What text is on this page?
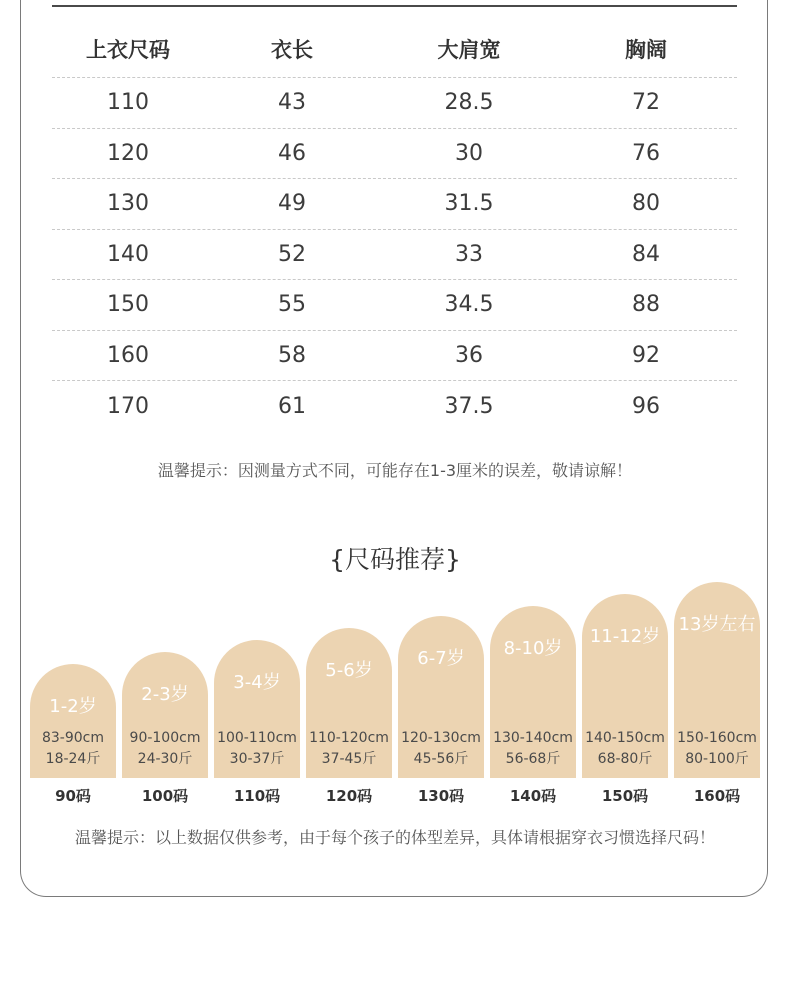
上衣尺码	衣长	大肩宽	胸阔
110	43	28.5	72
120	46	30	76
130	49	31.5	80
140	52	33	84
150	55	34.5	88
160	58	36	92
170	61	37.5	96
温馨提示：因测量方式不同，可能存在1-3厘米的误差，敬请谅解！
{尺码推荐}
1-2岁
83-90cm
18-24斤
90码
2-3岁
90-100cm
24-30斤
100码
3-4岁
100-110cm
30-37斤
110码
5-6岁
110-120cm
37-45斤
120码
6-7岁
120-130cm
45-56斤
130码
8-10岁
130-140cm
56-68斤
140码
11-12岁
140-150cm
68-80斤
150码
13岁左右
150-160cm
80-100斤
160码
温馨提示：以上数据仅供参考，由于每个孩子的体型差异，具体请根据穿衣习惯选择尺码！
